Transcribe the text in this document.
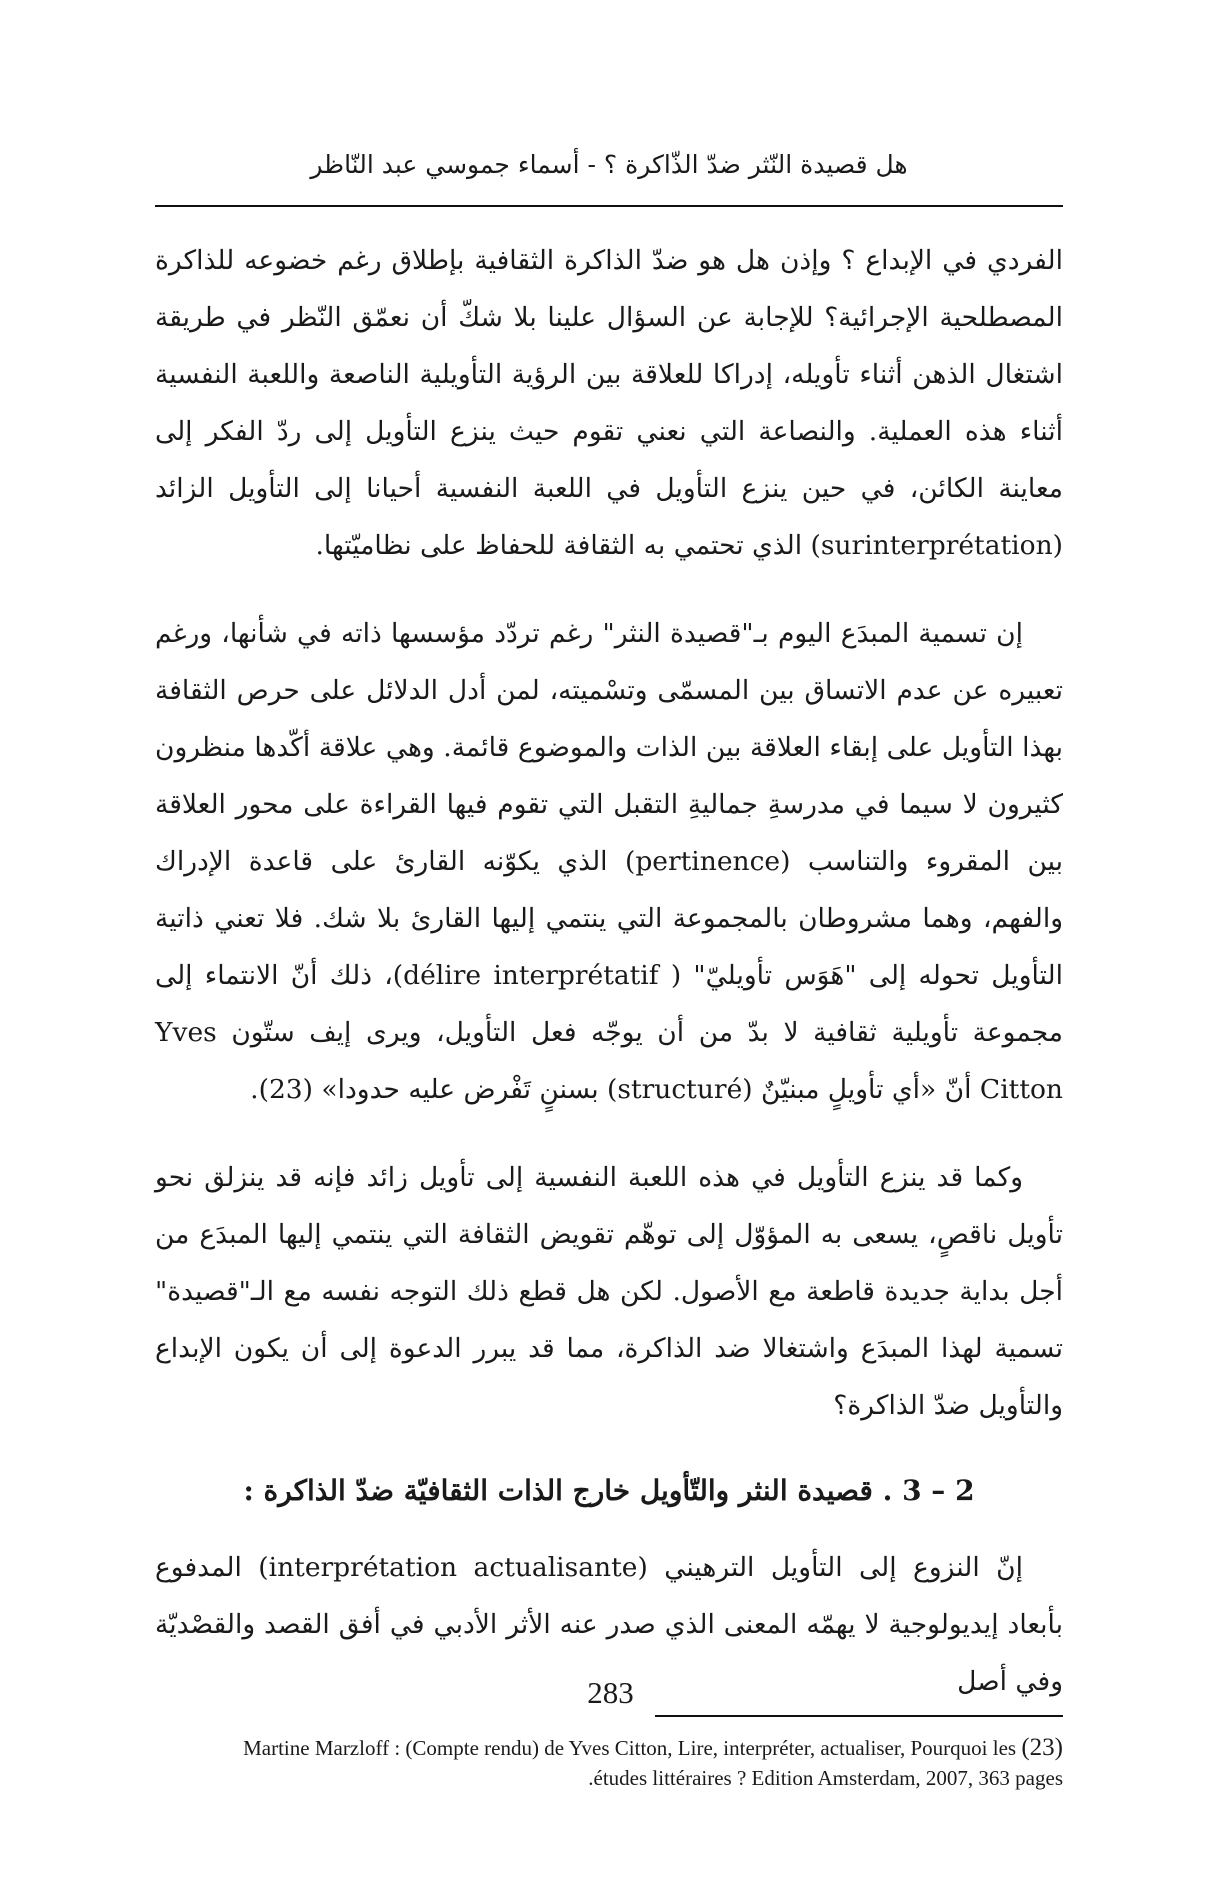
هل قصيدة النّثر ضدّ الذّاكرة ؟ - أسماء جموسي عبد النّاظر

الفردي في الإبداع ؟ وإذن هل هو ضدّ الذاكرة الثقافية بإطلاق رغم خضوعه للذاكرة المصطلحية الإجرائية؟ للإجابة عن السؤال علينا بلا شكّ أن نعمّق النّظر في طريقة اشتغال الذهن أثناء تأويله، إدراكا للعلاقة بين الرؤية التأويلية الناصعة واللعبة النفسية أثناء هذه العملية. والنصاعة التي نعني تقوم حيث ينزع التأويل إلى ردّ الفكر إلى معاينة الكائن، في حين ينزع التأويل في اللعبة النفسية أحيانا إلى التأويل الزائد (surinterprétation) الذي تحتمي به الثقافة للحفاظ على نظاميّتها.

إن تسمية المبدَع اليوم بـ"قصيدة النثر" رغم تردّد مؤسسها ذاته في شأنها، ورغم تعبيره عن عدم الاتساق بين المسمّى وتسْميته، لمن أدل الدلائل على حرص الثقافة بهذا التأويل على إبقاء العلاقة بين الذات والموضوع قائمة. وهي علاقة أكّدها منظرون كثيرون لا سيما في مدرسةِ جماليةِ التقبل التي تقوم فيها القراءة على محور العلاقة بين المقروء والتناسب (pertinence) الذي يكوّنه القارئ على قاعدة الإدراك والفهم، وهما مشروطان بالمجموعة التي ينتمي إليها القارئ بلا شك. فلا تعني ذاتية التأويل تحوله إلى "هَوَس تأويليّ" ( délire interprétatif)، ذلك أنّ الانتماء إلى مجموعة تأويلية ثقافية لا بدّ من أن يوجّه فعل التأويل، ويرى إيف ستّون Yves Citton أنّ «أي تأويلٍ مبنيّنٌ (structuré) بسننٍ تَفْرض عليه حدودا» (23).

وكما قد ينزع التأويل في هذه اللعبة النفسية إلى تأويل زائد فإنه قد ينزلق نحو تأويل ناقصٍ، يسعى به المؤوّل إلى توهّم تقويض الثقافة التي ينتمي إليها المبدَع من أجل بداية جديدة قاطعة مع الأصول. لكن هل قطع ذلك التوجه نفسه مع الـ"قصيدة" تسمية لهذا المبدَع واشتغالا ضد الذاكرة، مما قد يبرر الدعوة إلى أن يكون الإبداع والتأويل ضدّ الذاكرة؟

2 – 3 . قصيدة النثر والتّأويل خارج الذات الثقافيّة ضدّ الذاكرة :

إنّ النزوع إلى التأويل الترهيني (interprétation actualisante) المدفوع بأبعاد إيديولوجية لا يهمّه المعنى الذي صدر عنه الأثر الأدبي في أفق القصد والقصْديّة وفي أصل

283
(23) Martine Marzloff : (Compte rendu) de Yves Citton, Lire, interpréter, actualiser, Pourquoi les
.études littéraires ? Edition Amsterdam, 2007, 363 pages
